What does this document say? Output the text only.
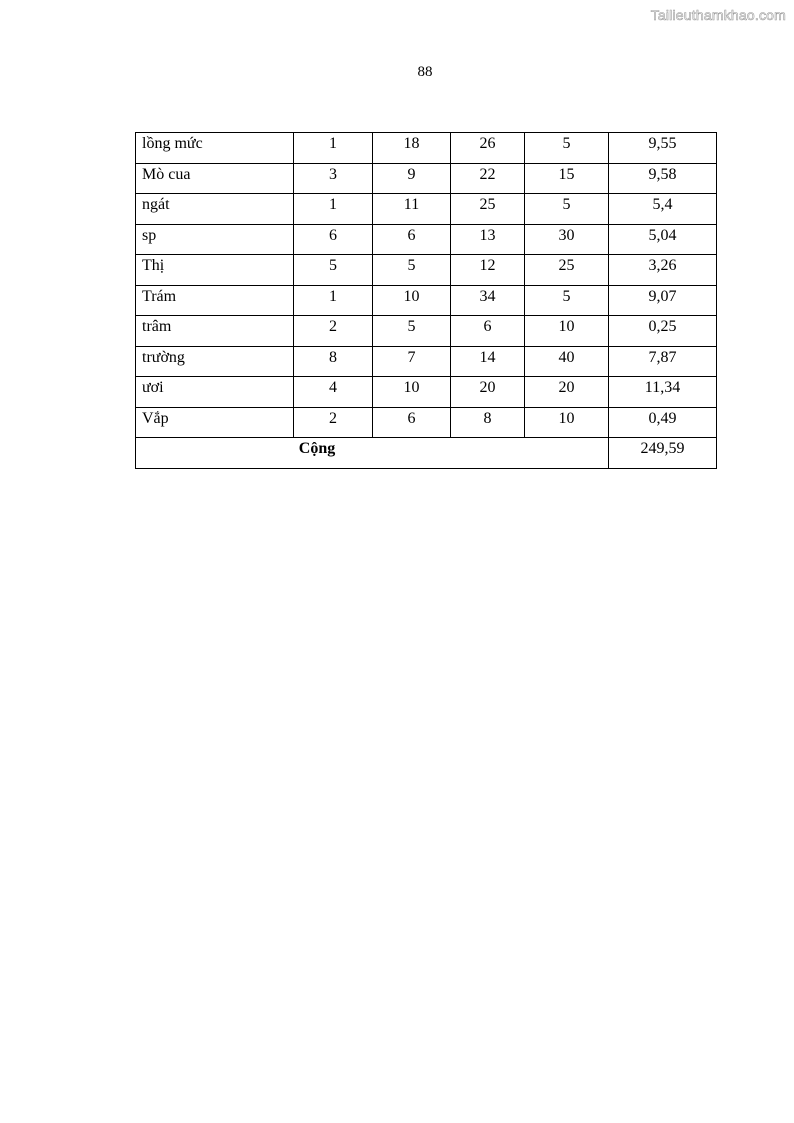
Tailieuthamkhao.com
88
lồng mức	1	18	26	5	9,55
Mò cua	3	9	22	15	9,58
ngát	1	11	25	5	5,4
sp	6	6	13	30	5,04
Thị	5	5	12	25	3,26
Trám	1	10	34	5	9,07
trâm	2	5	6	10	0,25
trường	8	7	14	40	7,87
ươi	4	10	20	20	11,34
Vắp	2	6	8	10	0,49
Cộng					249,59
